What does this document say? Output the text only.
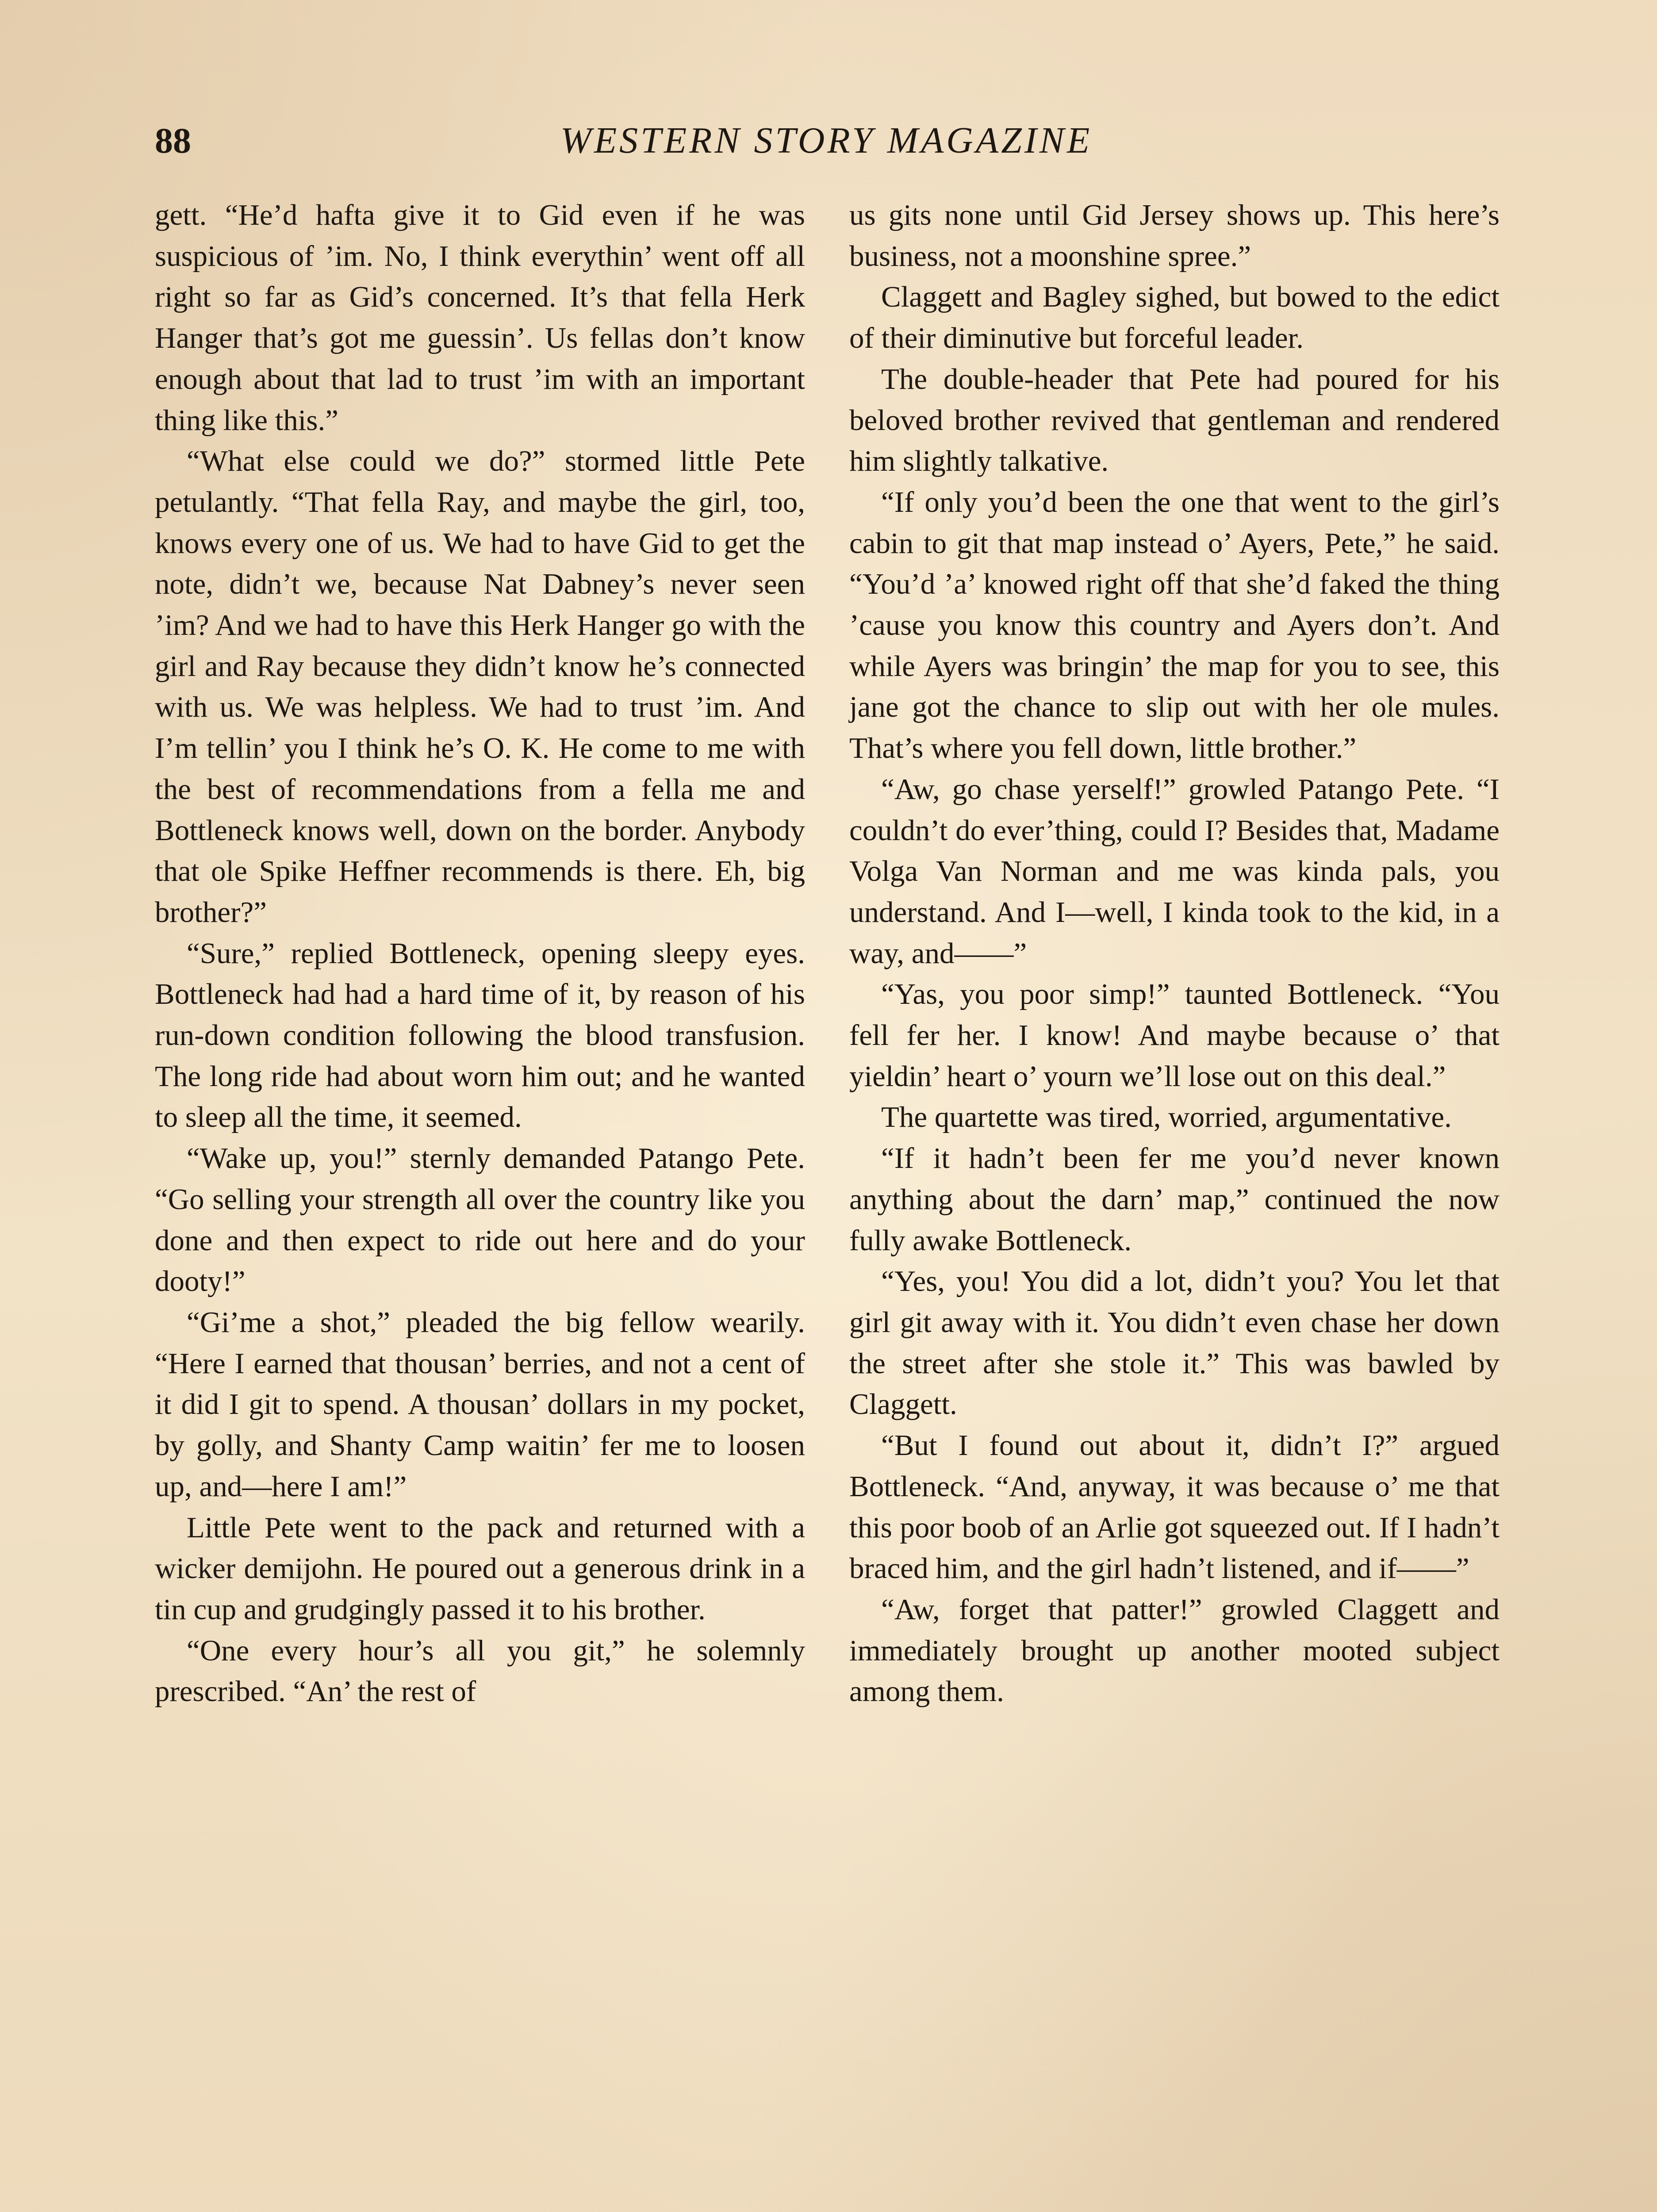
88	WESTERN STORY MAGAZINE

gett. “He’d hafta give it to Gid even if he was suspicious of ’im. No, I think everythin’ went off all right so far as Gid’s concerned. It’s that fella Herk Hanger that’s got me guessin’. Us fellas don’t know enough about that lad to trust ’im with an important thing like this.”

“What else could we do?” stormed little Pete petulantly. “That fella Ray, and maybe the girl, too, knows every one of us. We had to have Gid to get the note, didn’t we, because Nat Dabney’s never seen ’im? And we had to have this Herk Hanger go with the girl and Ray because they didn’t know he’s connected with us. We was helpless. We had to trust ’im. And I’m tellin’ you I think he’s O. K. He come to me with the best of recommendations from a fella me and Bottleneck knows well, down on the border. Anybody that ole Spike Heffner recommends is there. Eh, big brother?”

“Sure,” replied Bottleneck, opening sleepy eyes. Bottleneck had had a hard time of it, by reason of his run-down condition following the blood transfusion. The long ride had about worn him out; and he wanted to sleep all the time, it seemed.

“Wake up, you!” sternly demanded Patango Pete. “Go selling your strength all over the country like you done and then expect to ride out here and do your dooty!”

“Gi’me a shot,” pleaded the big fellow wearily. “Here I earned that thousan’ berries, and not a cent of it did I git to spend. A thousan’ dollars in my pocket, by golly, and Shanty Camp waitin’ fer me to loosen up, and—here I am!”

Little Pete went to the pack and returned with a wicker demijohn. He poured out a generous drink in a tin cup and grudgingly passed it to his brother.

“One every hour’s all you git,” he solemnly prescribed. “An’ the rest of

us gits none until Gid Jersey shows up. This here’s business, not a moonshine spree.”

Claggett and Bagley sighed, but bowed to the edict of their diminutive but forceful leader.

The double-header that Pete had poured for his beloved brother revived that gentleman and rendered him slightly talkative.

“If only you’d been the one that went to the girl’s cabin to git that map instead o’ Ayers, Pete,” he said. “You’d ’a’ knowed right off that she’d faked the thing ’cause you know this country and Ayers don’t. And while Ayers was bringin’ the map for you to see, this jane got the chance to slip out with her ole mules. That’s where you fell down, little brother.”

“Aw, go chase yerself!” growled Patango Pete. “I couldn’t do ever’thing, could I? Besides that, Madame Volga Van Norman and me was kinda pals, you understand. And I—well, I kinda took to the kid, in a way, and——”

“Yas, you poor simp!” taunted Bottleneck. “You fell fer her. I know! And maybe because o’ that yieldin’ heart o’ yourn we’ll lose out on this deal.”

The quartette was tired, worried, argumentative.

“If it hadn’t been fer me you’d never known anything about the darn’ map,” continued the now fully awake Bottleneck.

“Yes, you! You did a lot, didn’t you? You let that girl git away with it. You didn’t even chase her down the street after she stole it.” This was bawled by Claggett.

“But I found out about it, didn’t I?” argued Bottleneck. “And, anyway, it was because o’ me that this poor boob of an Arlie got squeezed out. If I hadn’t braced him, and the girl hadn’t listened, and if——”

“Aw, forget that patter!” growled Claggett and immediately brought up another mooted subject among them.
